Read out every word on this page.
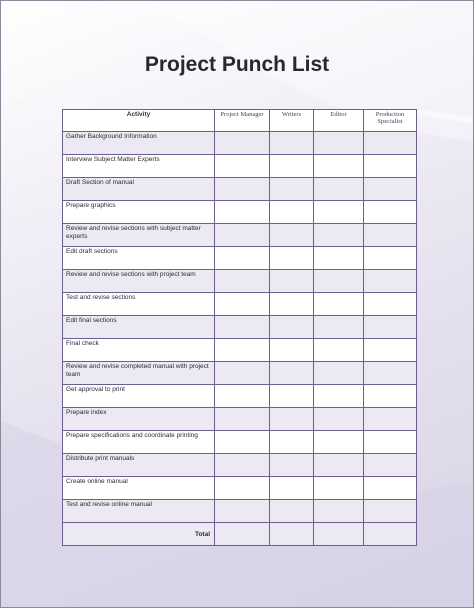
Project Punch List
Activity	Project Manager	Writers	Editor	Production Specialist
Gather Background Information				
Interview Subject Matter Experts				
Draft Section of manual				
Prepare graphics				
Review and revise sections with subject matter experts				
Edit draft sections				
Review and revise sections with project team				
Test and revise sections				
Edit final sections				
Final check				
Review and revise completed manual with project team				
Get approval to print				
Prepare index				
Prepare specifications and coordinate printing				
Distribute print manuals				
Create online manual				
Test and revise online manual				
Total				
